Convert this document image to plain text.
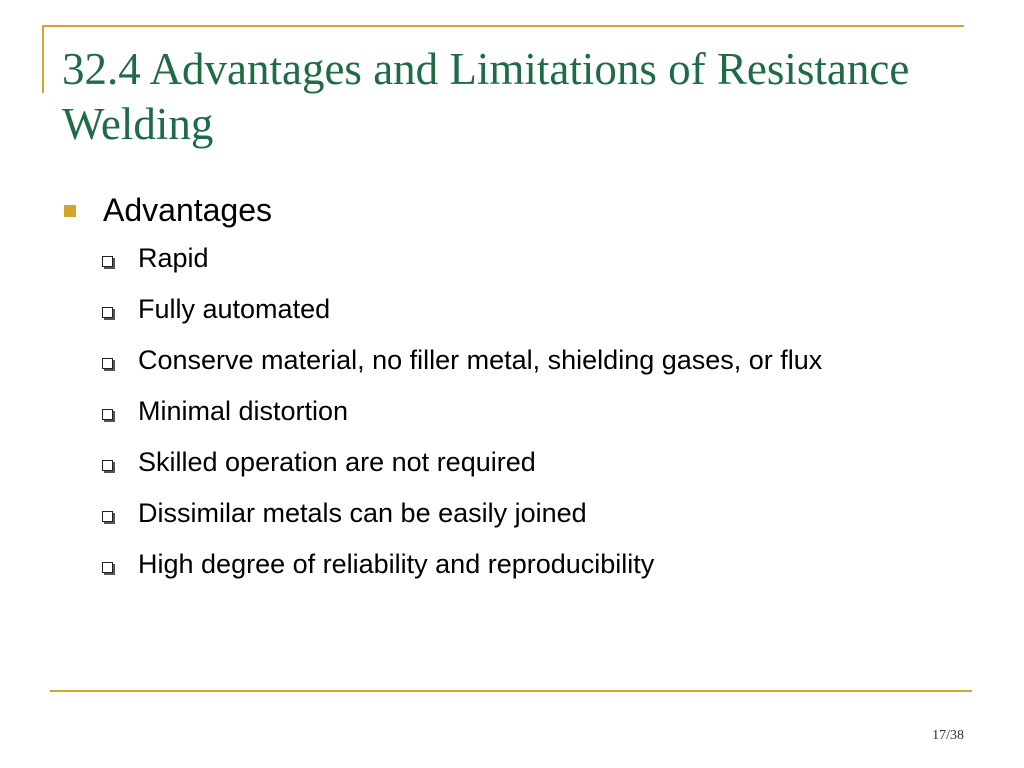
32.4 Advantages and Limitations of Resistance Welding
Advantages
Rapid
Fully automated
Conserve material, no filler metal, shielding gases, or flux
Minimal distortion
Skilled operation are not required
Dissimilar metals can be easily joined
High degree of reliability and reproducibility
17/38
